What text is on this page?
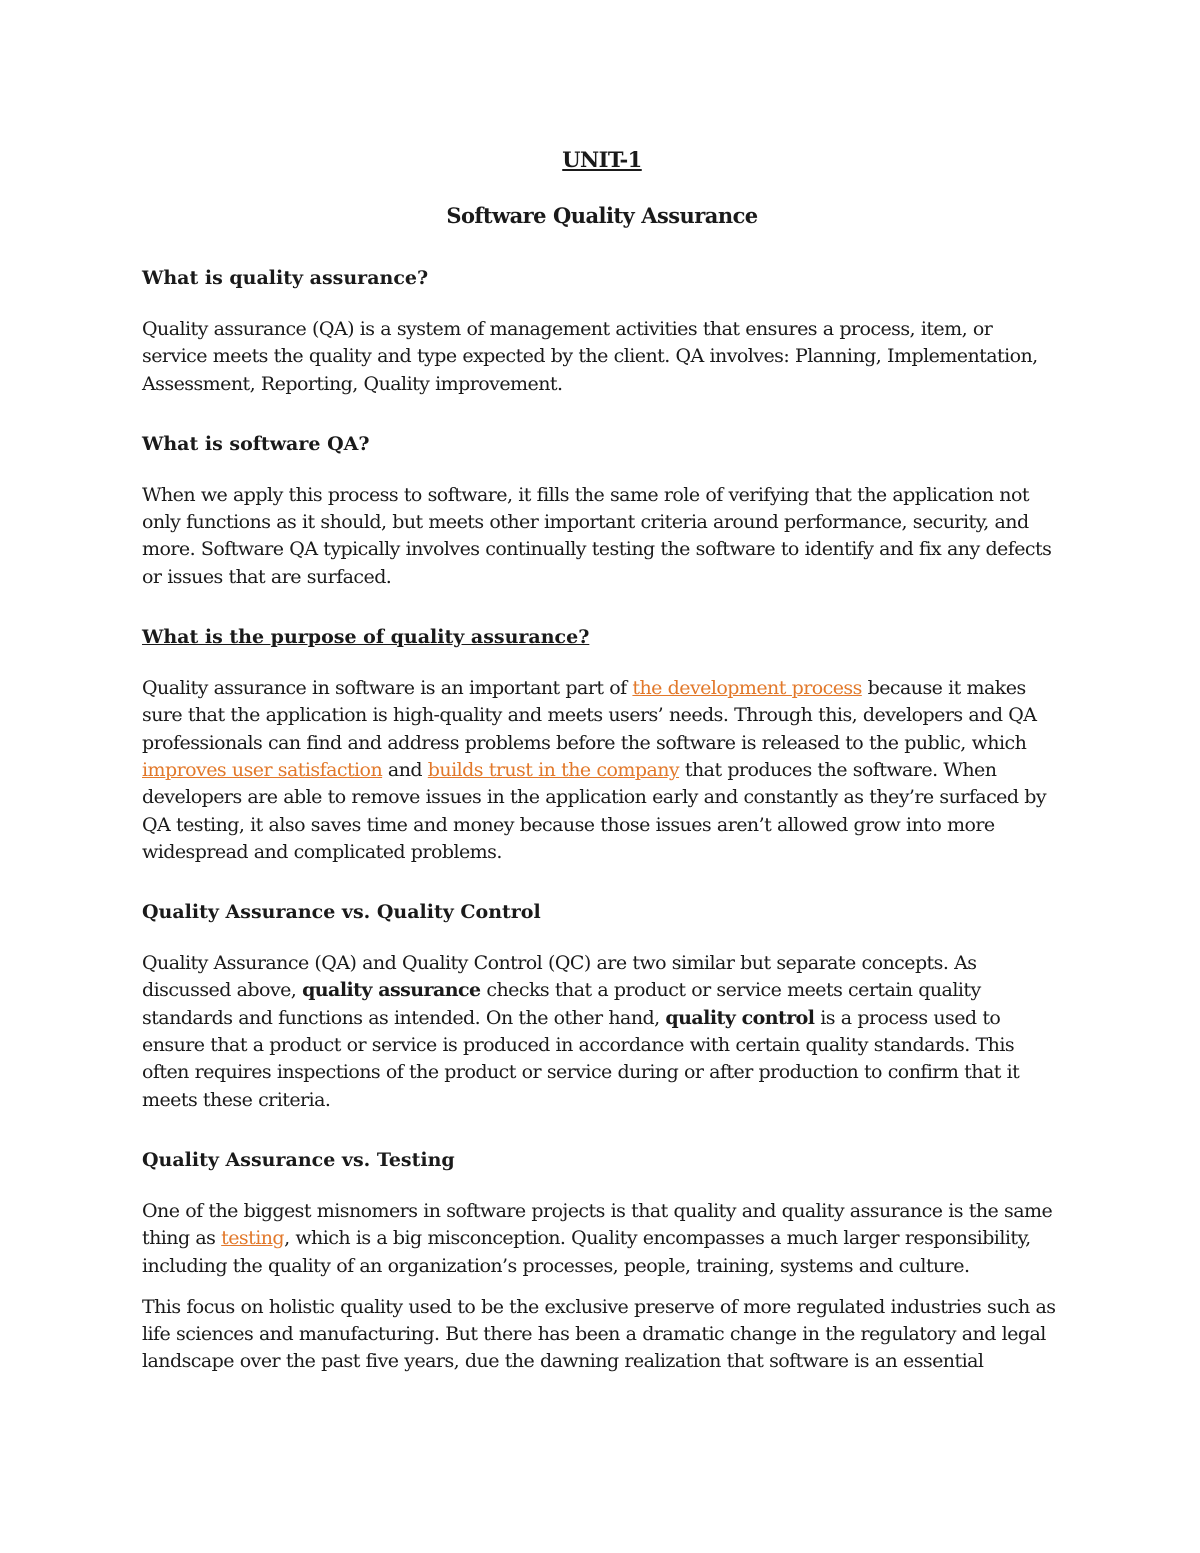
UNIT-1

Software Quality Assurance

What is quality assurance?

Quality assurance (QA) is a system of management activities that ensures a process, item, or service meets the quality and type expected by the client. QA involves: Planning, Implementation, Assessment, Reporting, Quality improvement.

What is software QA?

When we apply this process to software, it fills the same role of verifying that the application not only functions as it should, but meets other important criteria around performance, security, and more. Software QA typically involves continually testing the software to identify and fix any defects or issues that are surfaced.

What is the purpose of quality assurance?

Quality assurance in software is an important part of the development process because it makes sure that the application is high-quality and meets users’ needs. Through this, developers and QA professionals can find and address problems before the software is released to the public, which improves user satisfaction and builds trust in the company that produces the software. When developers are able to remove issues in the application early and constantly as they’re surfaced by QA testing, it also saves time and money because those issues aren’t allowed grow into more widespread and complicated problems.

Quality Assurance vs. Quality Control

Quality Assurance (QA) and Quality Control (QC) are two similar but separate concepts. As discussed above, quality assurance checks that a product or service meets certain quality standards and functions as intended. On the other hand, quality control is a process used to ensure that a product or service is produced in accordance with certain quality standards. This often requires inspections of the product or service during or after production to confirm that it meets these criteria.

Quality Assurance vs. Testing

One of the biggest misnomers in software projects is that quality and quality assurance is the same thing as testing, which is a big misconception. Quality encompasses a much larger responsibility, including the quality of an organization’s processes, people, training, systems and culture.

This focus on holistic quality used to be the exclusive preserve of more regulated industries such as life sciences and manufacturing. But there has been a dramatic change in the regulatory and legal landscape over the past five years, due the dawning realization that software is an essential
